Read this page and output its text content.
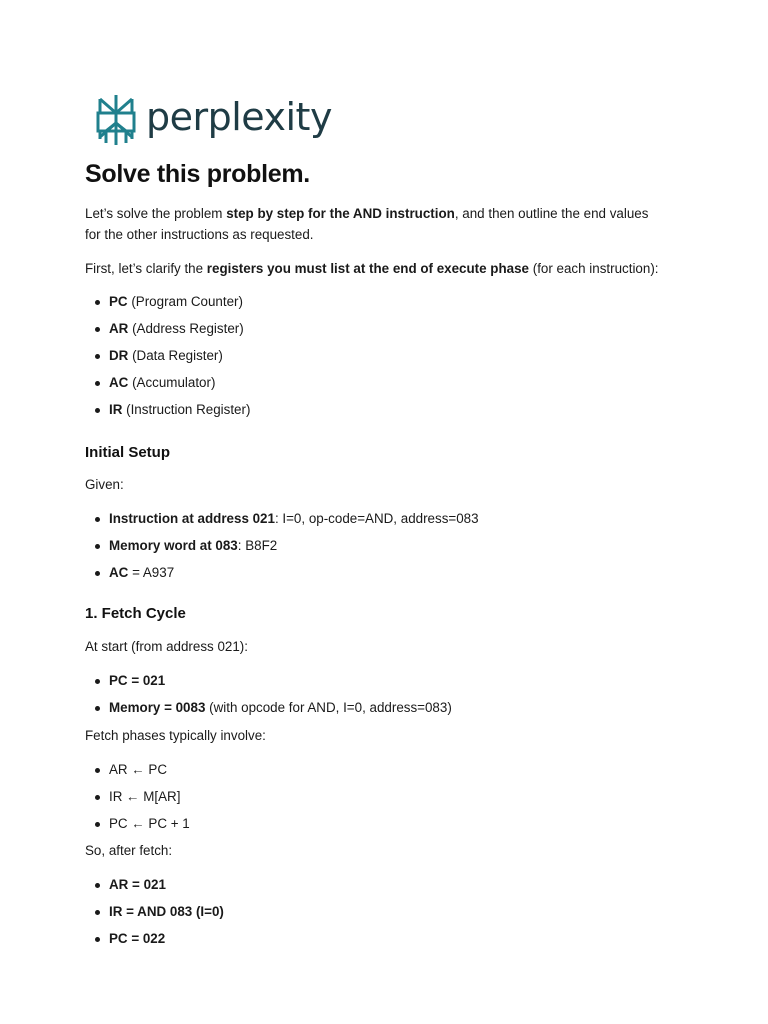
perplexity
Solve this problem.

Let’s solve the problem step by step for the AND instruction, and then outline the end values
for the other instructions as requested.

First, let’s clarify the registers you must list at the end of execute phase (for each instruction):

PC (Program Counter)
AR (Address Register)
DR (Data Register)
AC (Accumulator)
IR (Instruction Register)
Initial Setup

Given:

Instruction at address 021: I=0, op-code=AND, address=083
Memory word at 083: B8F2
AC = A937
1. Fetch Cycle

At start (from address 021):

PC = 021
Memory = 0083 (with opcode for AND, I=0, address=083)

Fetch phases typically involve:

AR ← PC
IR ← M[AR]
PC ← PC + 1

So, after fetch:

AR = 021
IR = AND 083 (I=0)
PC = 022
